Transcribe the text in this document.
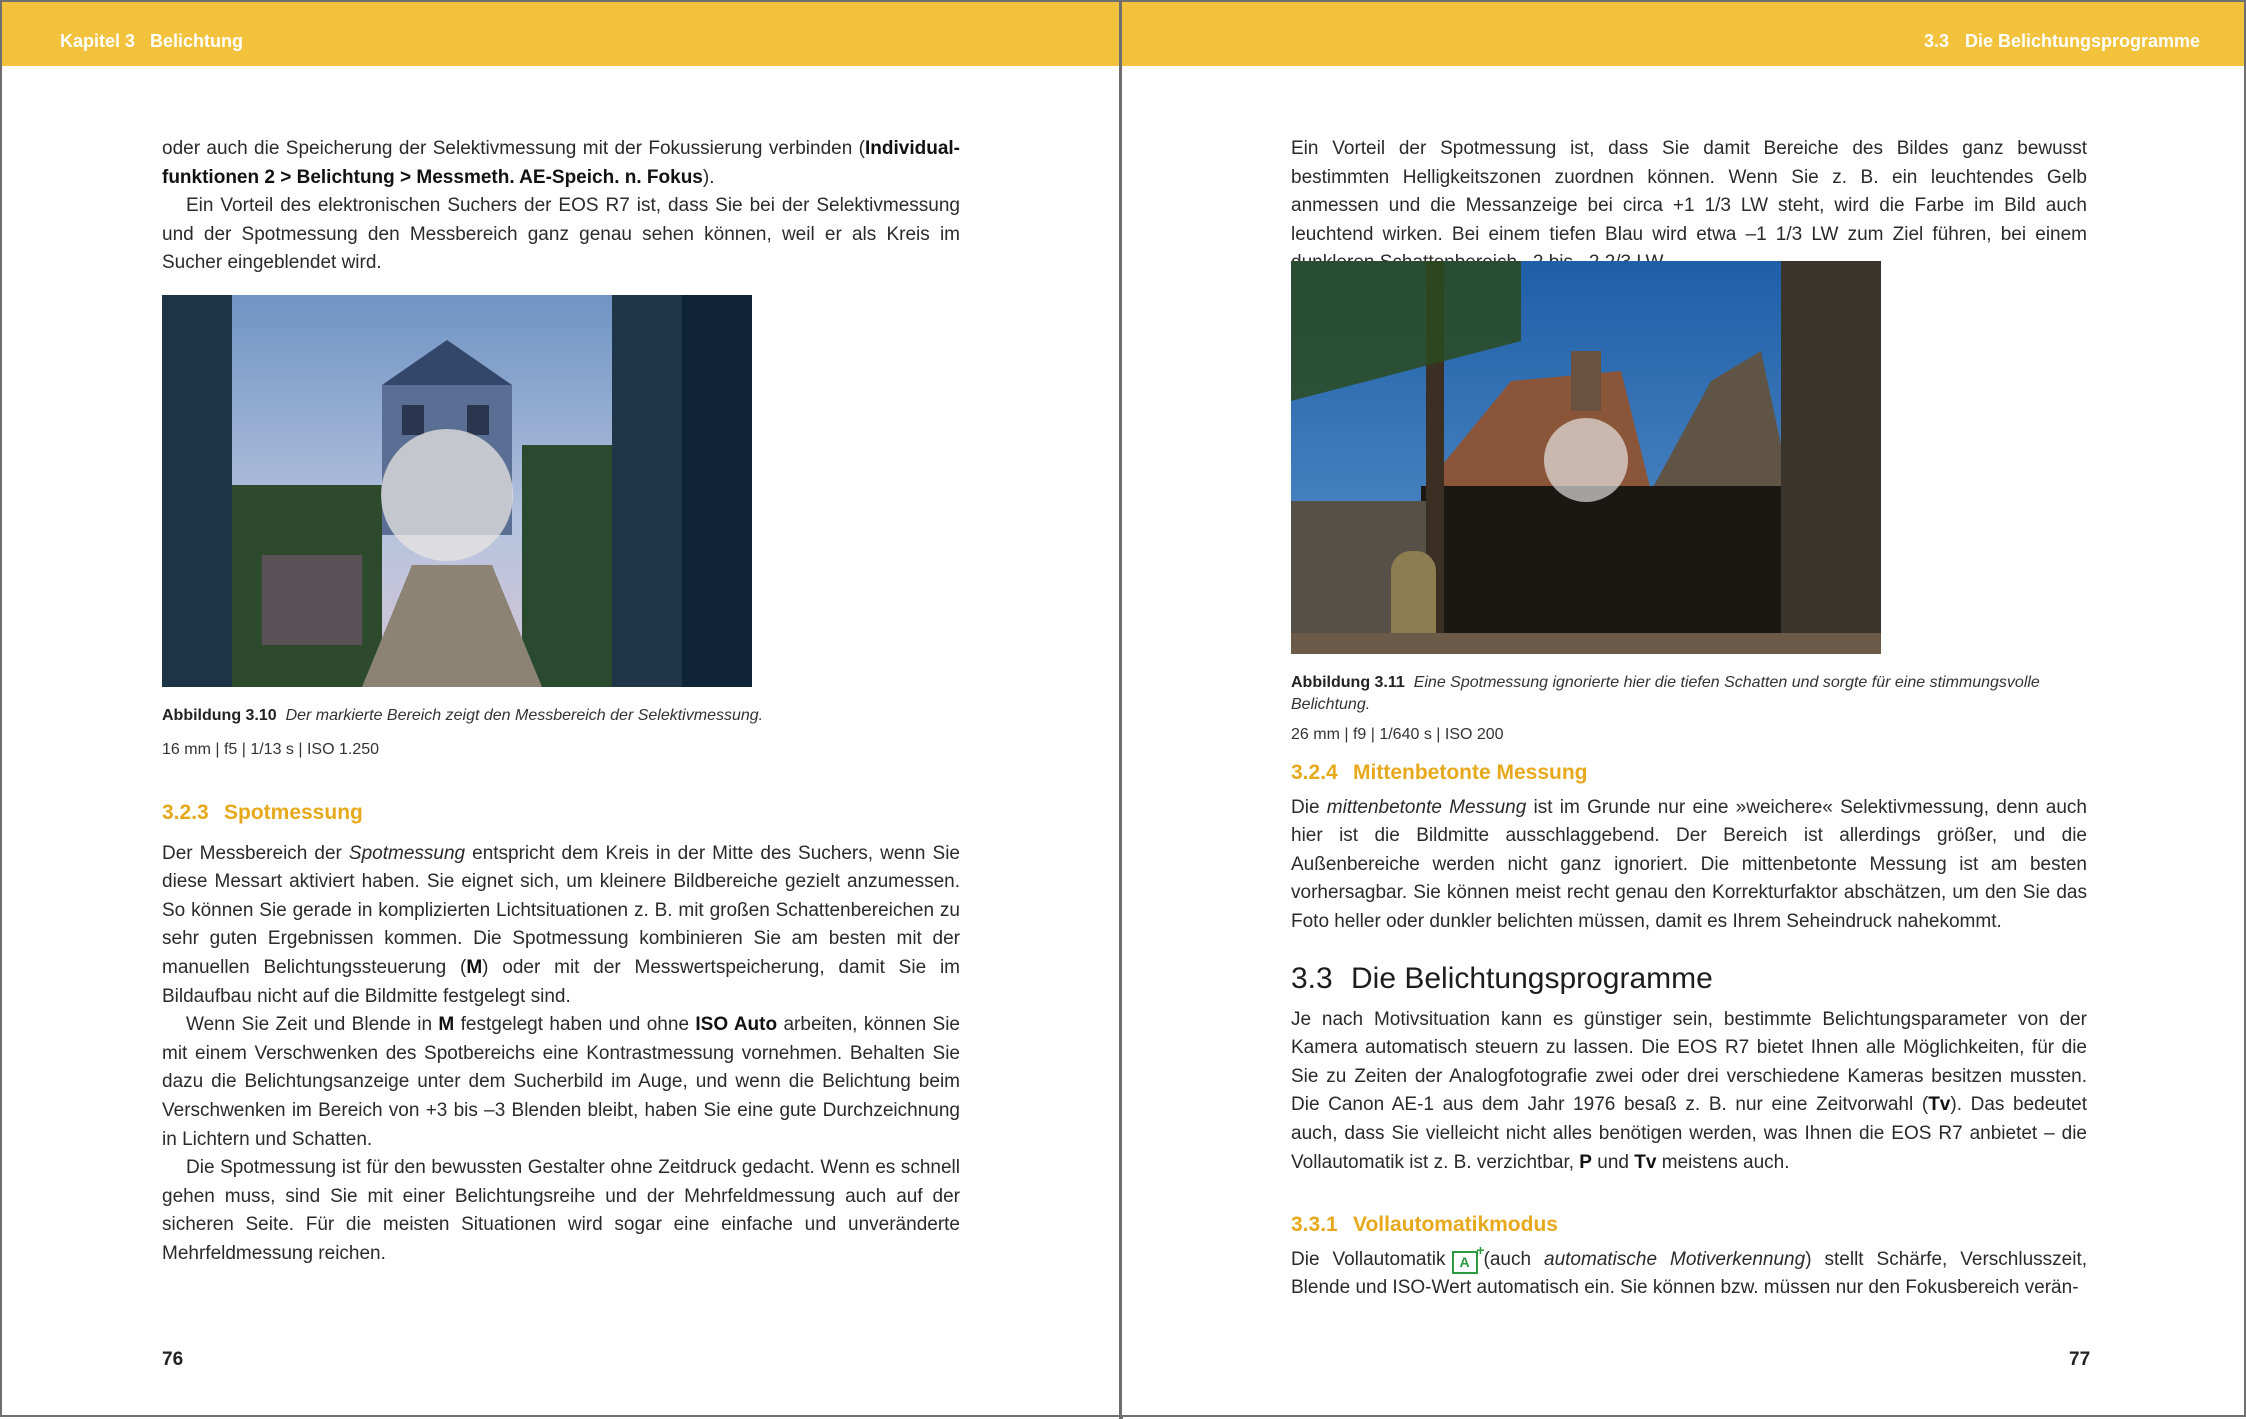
Kapitel 3 Belichtung

oder auch die Speicherung der Selektivmessung mit der Fokussierung verbinden (Individual- funktionen 2 > Belichtung > Messmeth. AE-Speich. n. Fokus).

Ein Vorteil des elektronischen Suchers der EOS R7 ist, dass Sie bei der Selektivmessung und der Spotmessung den Messbereich ganz genau sehen können, weil er als Kreis im Sucher eingeblendet wird.

Abbildung 3.10 Der markierte Bereich zeigt den Messbereich der Selektivmessung.

16 mm | f5 | 1/13 s | ISO 1.250

3.2.3 Spotmessung

Der Messbereich der Spotmessung entspricht dem Kreis in der Mitte des Suchers, wenn Sie diese Messart aktiviert haben. Sie eignet sich, um kleinere Bildbereiche gezielt anzumessen. So können Sie gerade in komplizierten Lichtsituationen z. B. mit großen Schattenbereichen zu sehr guten Ergebnissen kommen. Die Spotmessung kombinieren Sie am besten mit der manuellen Belichtungssteuerung (M) oder mit der Messwertspeicherung, damit Sie im Bildaufbau nicht auf die Bildmitte festgelegt sind.

Wenn Sie Zeit und Blende in M festgelegt haben und ohne ISO Auto arbeiten, können Sie mit einem Verschwenken des Spotbereichs eine Kontrastmessung vornehmen. Behalten Sie dazu die Belichtungsanzeige unter dem Sucherbild im Auge, und wenn die Belichtung beim Verschwenken im Bereich von +3 bis –3 Blenden bleibt, haben Sie eine gute Durchzeichnung in Lichtern und Schatten.

Die Spotmessung ist für den bewussten Gestalter ohne Zeitdruck gedacht. Wenn es schnell gehen muss, sind Sie mit einer Belichtungsreihe und der Mehrfeldmessung auch auf der sicheren Seite. Für die meisten Situationen wird sogar eine einfache und unveränderte Mehrfeldmessung reichen.

76
3.3 Die Belichtungsprogramme

Ein Vorteil der Spotmessung ist, dass Sie damit Bereiche des Bildes ganz bewusst bestimmten Helligkeitszonen zuordnen können. Wenn Sie z. B. ein leuchtendes Gelb anmessen und die Messanzeige bei circa +1 1/3 LW steht, wird die Farbe im Bild auch leuchtend wirken. Bei einem tiefen Blau wird etwa –1 1/3 LW zum Ziel führen, bei einem

Abbildung 3.11 Eine Spotmessung ignorierte hier die tiefen Schatten und sorgte für eine stimmungsvolle Belichtung.

26 mm | f9 | 1/640 s | ISO 200

3.2.4 Mittenbetonte Messung

Die mittenbetonte Messung ist im Grunde nur eine »weichere« Selektivmessung, denn auch hier ist die Bildmitte ausschlaggebend. Der Bereich ist allerdings größer, und die Außenbereiche werden nicht ganz ignoriert. Die mittenbetonte Messung ist am besten vorhersagbar. Sie können meist recht genau den Korrekturfaktor abschätzen, um den Sie das Foto heller oder dunkler belichten müssen, damit es Ihrem Seheindruck nahekommt.

3.3 Die Belichtungsprogramme

Je nach Motivsituation kann es günstiger sein, bestimmte Belichtungsparameter von der Kamera automatisch steuern zu lassen. Die EOS R7 bietet Ihnen alle Möglichkeiten, für die Sie zu Zeiten der Analogfotografie zwei oder drei verschiedene Kameras besitzen mussten. Die Canon AE-1 aus dem Jahr 1976 besaß z. B. nur eine Zeitvorwahl (Tv). Das bedeutet auch, dass Sie vielleicht nicht alles benötigen werden, was Ihnen die EOS R7 anbietet – die Vollautomatik ist z. B. verzichtbar, P und Tv meistens auch.

3.3.1 Vollautomatikmodus

Die Vollautomatik A
+ (auch automatische Motiverkennung) stellt Schärfe, Verschlusszeit, Blende und ISO-Wert automatisch ein. Sie können bzw. müssen nur den Fokusbereich verän-

77
